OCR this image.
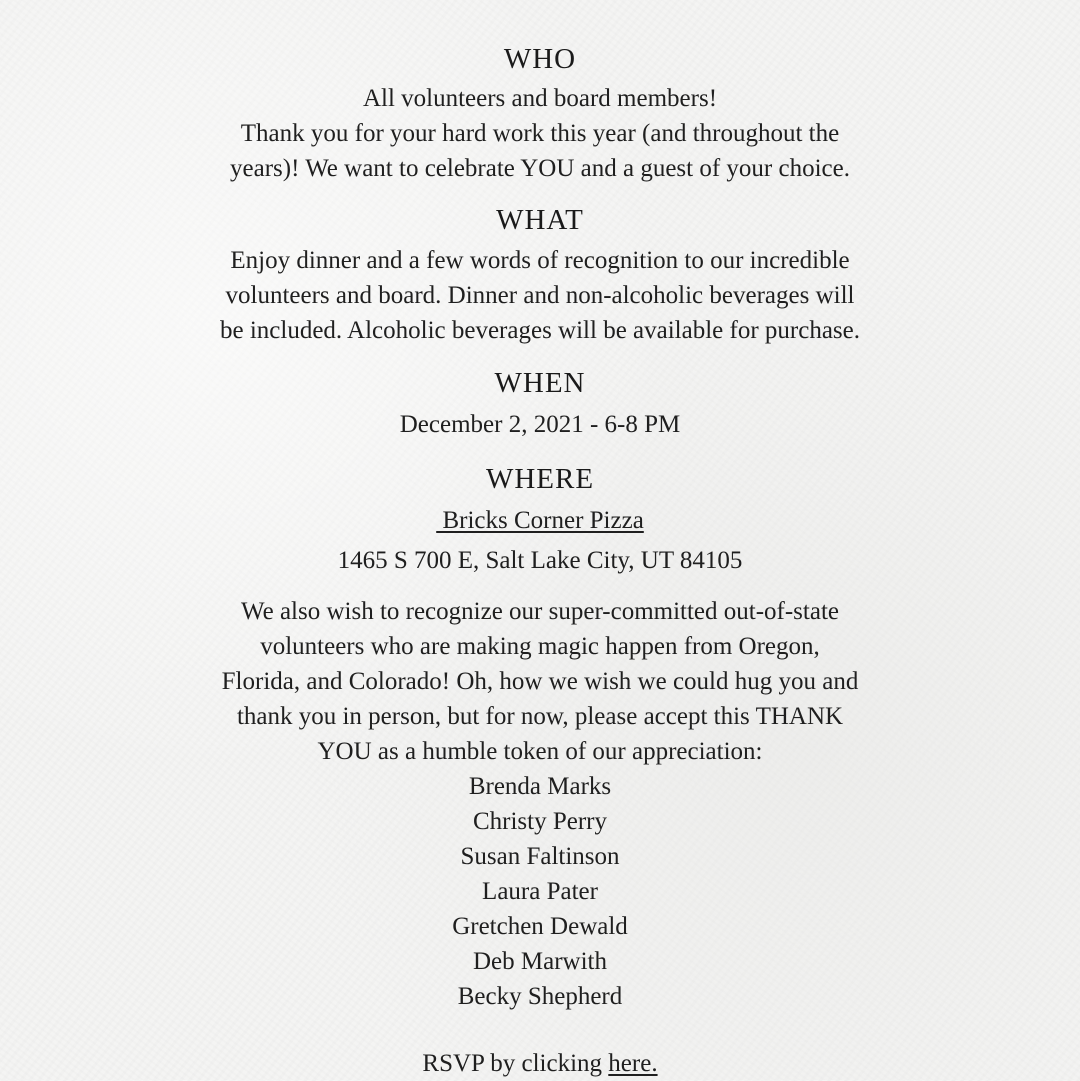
WHO
All volunteers and board members!
Thank you for your hard work this year (and throughout the
years)! We want to celebrate YOU and a guest of your choice.
WHAT
Enjoy dinner and a few words of recognition to our incredible
volunteers and board. Dinner and non-alcoholic beverages will
be included. Alcoholic beverages will be available for purchase.
WHEN
December 2, 2021 - 6-8 PM
WHERE
Bricks Corner Pizza
1465 S 700 E, Salt Lake City, UT 84105
We also wish to recognize our super-committed out-of-state
volunteers who are making magic happen from Oregon,
Florida, and Colorado! Oh, how we wish we could hug you and
thank you in person, but for now, please accept this THANK
YOU as a humble token of our appreciation:
Brenda Marks
Christy Perry
Susan Faltinson
Laura Pater
Gretchen Dewald
Deb Marwith
Becky Shepherd
RSVP by clicking here.
